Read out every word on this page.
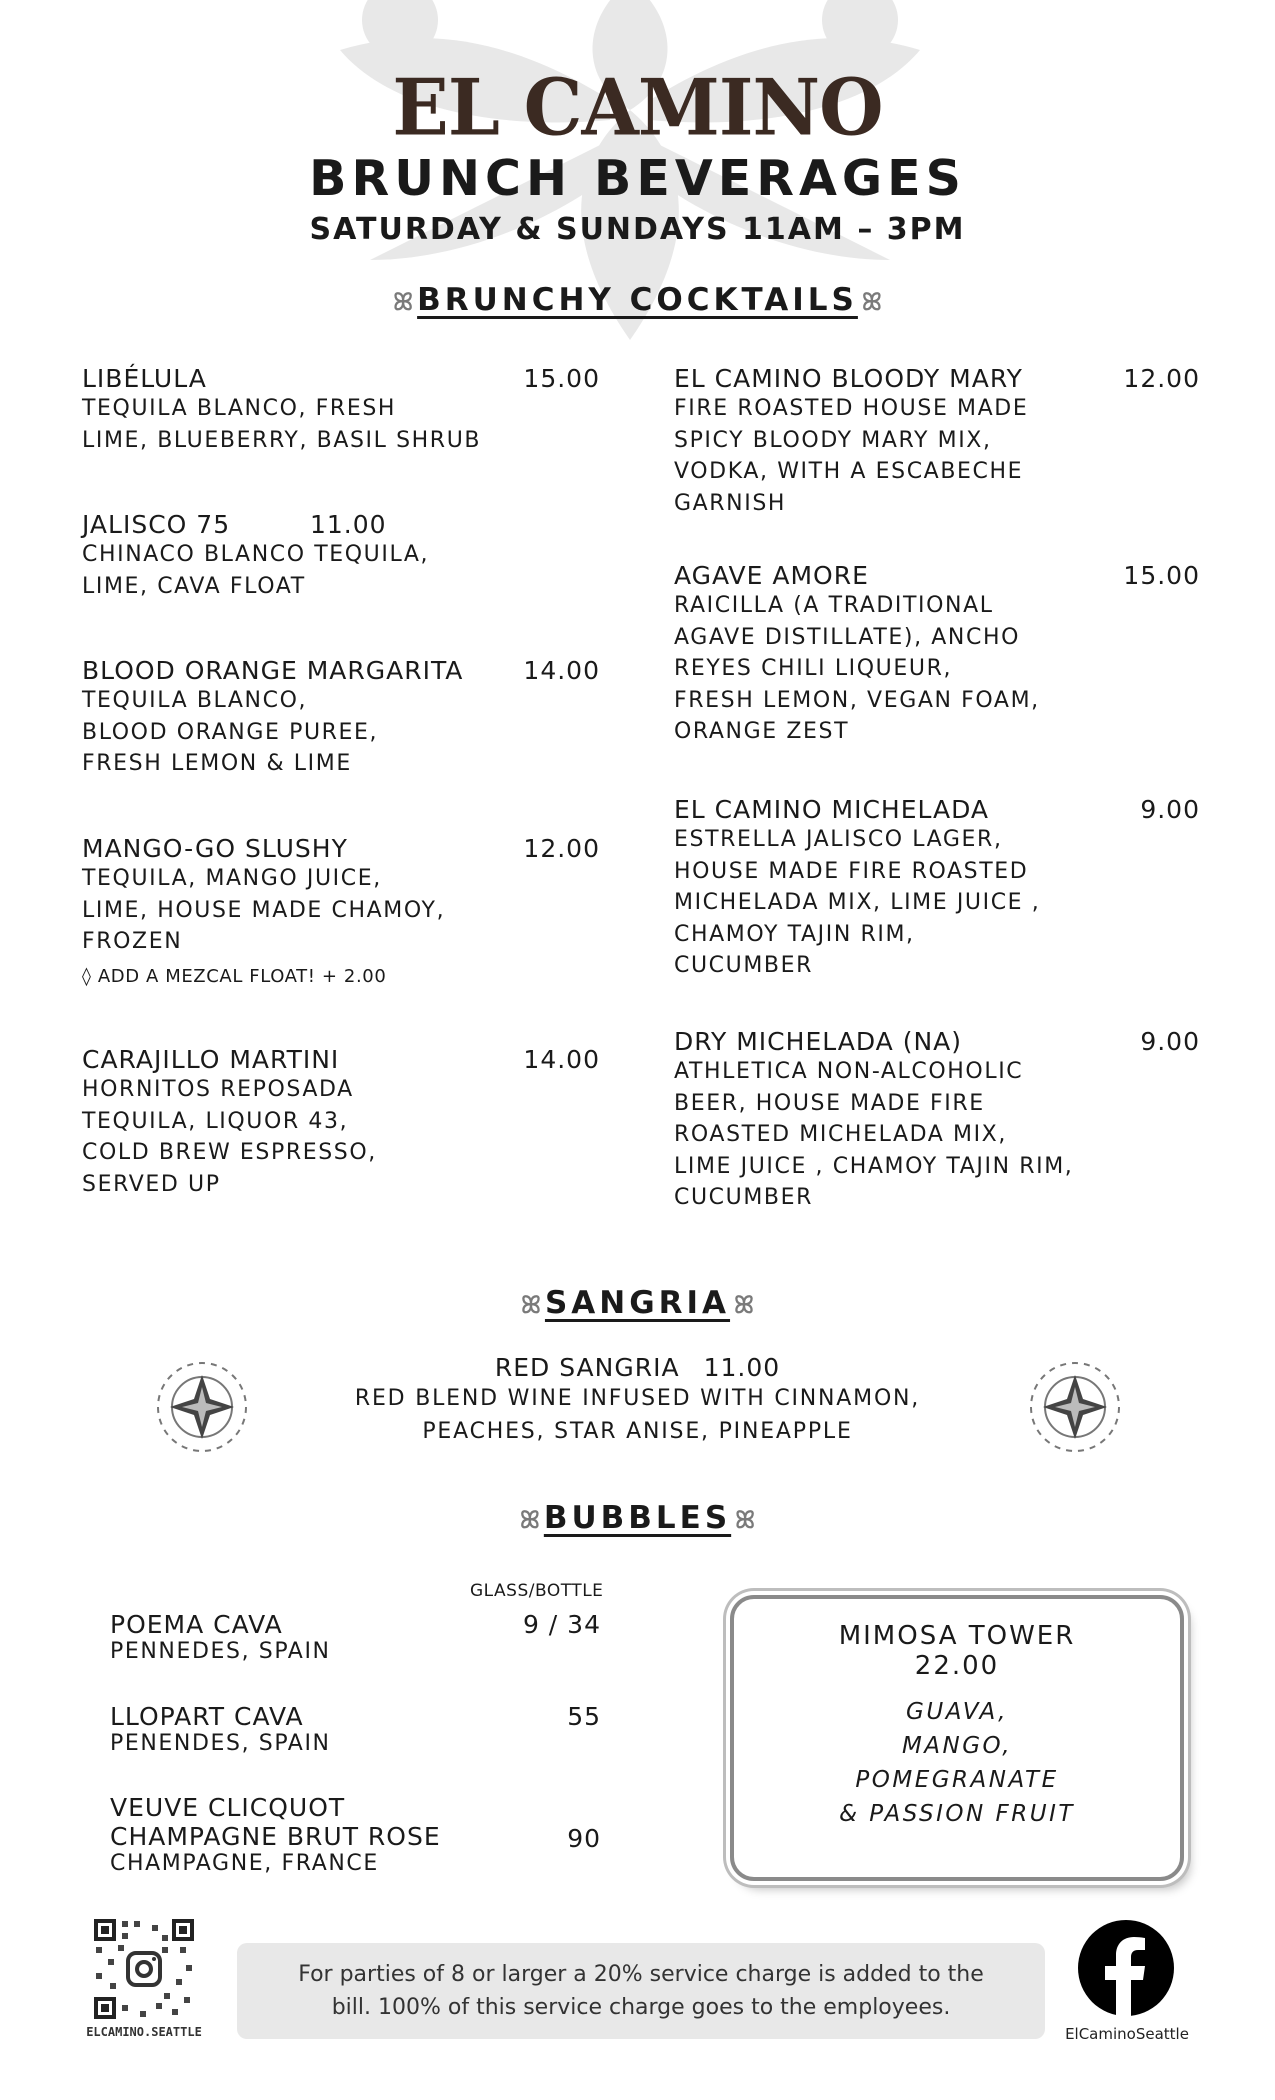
EL CAMINO
BRUNCH BEVERAGES
SATURDAY & SUNDAYS 11AM – 3PM
ꕤ BRUNCHY COCKTAILS ꕤ
LIBÉLULA	15.00
TEQUILA BLANCO, FRESH
LIME, BLUEBERRY, BASIL SHRUB
JALISCO 75	11.00
CHINACO BLANCO TEQUILA,
LIME, CAVA FLOAT
BLOOD ORANGE MARGARITA	14.00
TEQUILA BLANCO,
BLOOD ORANGE PUREE,
FRESH LEMON & LIME
MANGO-GO SLUSHY	12.00
TEQUILA, MANGO JUICE,
LIME, HOUSE MADE CHAMOY,
FROZEN
◊ ADD A MEZCAL FLOAT! + 2.00
CARAJILLO MARTINI	14.00
HORNITOS REPOSADA
TEQUILA, LIQUOR 43,
COLD BREW ESPRESSO,
SERVED UP
EL CAMINO BLOODY MARY	12.00
FIRE ROASTED HOUSE MADE
SPICY BLOODY MARY MIX,
VODKA, WITH A ESCABECHE
GARNISH
AGAVE AMORE	15.00
RAICILLA (A TRADITIONAL
AGAVE DISTILLATE), ANCHO
REYES CHILI LIQUEUR,
FRESH LEMON, VEGAN FOAM,
ORANGE ZEST
EL CAMINO MICHELADA	9.00
ESTRELLA JALISCO LAGER,
HOUSE MADE FIRE ROASTED
MICHELADA MIX, LIME JUICE ,
CHAMOY TAJIN RIM,
CUCUMBER
DRY MICHELADA (NA)	9.00
ATHLETICA NON-ALCOHOLIC
BEER, HOUSE MADE FIRE
ROASTED MICHELADA MIX,
LIME JUICE , CHAMOY TAJIN RIM,
CUCUMBER
ꕤ SANGRIA ꕤ
RED SANGRIA 11.00
RED BLEND WINE INFUSED WITH CINNAMON,
PEACHES, STAR ANISE, PINEAPPLE
ꕤ BUBBLES ꕤ
GLASS/BOTTLE
POEMA CAVA
PENNEDES, SPAIN
9 / 34
LLOPART CAVA
PENENDES, SPAIN
55
VEUVE CLICQUOT
CHAMPAGNE BRUT ROSE
CHAMPAGNE, FRANCE
90
MIMOSA TOWER
22.00
GUAVA,
MANGO,
POMEGRANATE
& PASSION FRUIT
ELCAMINO.SEATTLE
For parties of 8 or larger a 20% service charge is added to the
bill. 100% of this service charge goes to the employees.
ElCaminoSeattle
